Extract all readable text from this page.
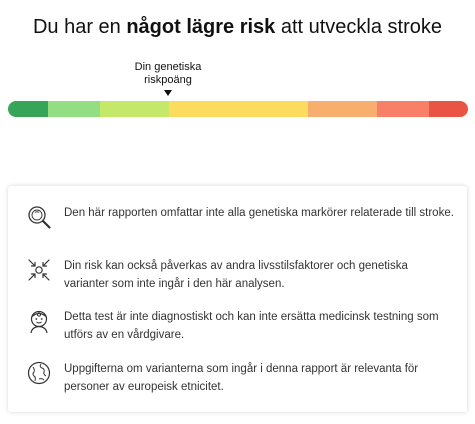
Du har en något lägre risk att utveckla stroke
Din genetiska
riskpoäng
Den här rapporten omfattar inte alla genetiska markörer relaterade till stroke.
Din risk kan också påverkas av andra livsstilsfaktorer och genetiska varianter som inte ingår i den här analysen.
Detta test är inte diagnostiskt och kan inte ersätta medicinsk testning som utförs av en vårdgivare.
Uppgifterna om varianterna som ingår i denna rapport är relevanta för personer av europeisk etnicitet.
